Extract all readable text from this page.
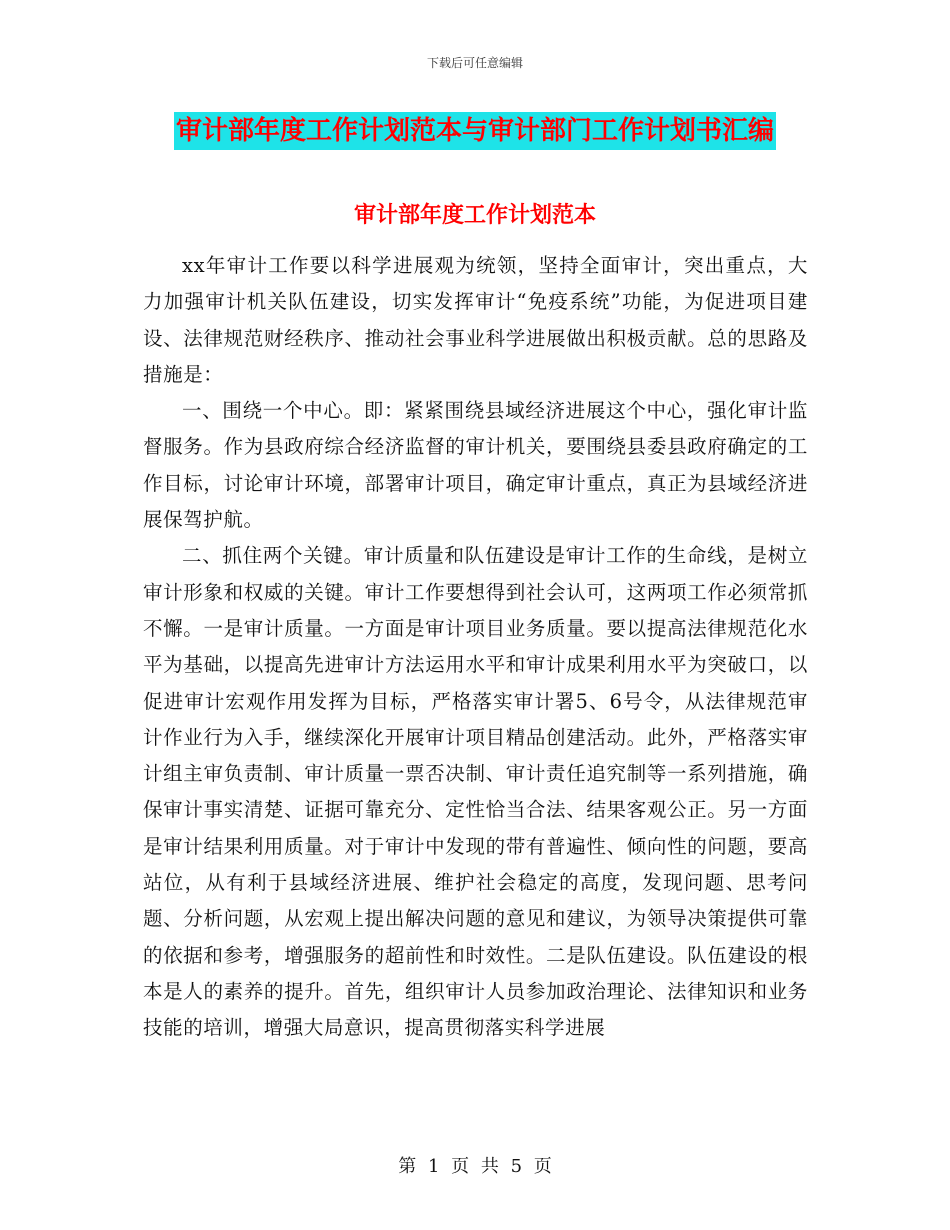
下载后可任意编辑
审计部年度工作计划范本与审计部门工作计划书汇编
审计部年度工作计划范本

xx年审计工作要以科学进展观为统领，坚持全面审计，突出重点，大力加强审计机关队伍建设，切实发挥审计“免疫系统”功能，为促进项目建设、法律规范财经秩序、推动社会事业科学进展做出积极贡献。总的思路及措施是：

一、围绕一个中心。即：紧紧围绕县域经济进展这个中心，强化审计监督服务。作为县政府综合经济监督的审计机关，要围绕县委县政府确定的工作目标，讨论审计环境，部署审计项目，确定审计重点，真正为县域经济进展保驾护航。

二、抓住两个关键。审计质量和队伍建设是审计工作的生命线，是树立审计形象和权威的关键。审计工作要想得到社会认可，这两项工作必须常抓不懈。一是审计质量。一方面是审计项目业务质量。要以提高法律规范化水平为基础，以提高先进审计方法运用水平和审计成果利用水平为突破口，以促进审计宏观作用发挥为目标，严格落实审计署5、6号令，从法律规范审计作业行为入手，继续深化开展审计项目精品创建活动。此外，严格落实审计组主审负责制、审计质量一票否决制、审计责任追究制等一系列措施，确保审计事实清楚、证据可靠充分、定性恰当合法、结果客观公正。另一方面是审计结果利用质量。对于审计中发现的带有普遍性、倾向性的问题，要高站位，从有利于县域经济进展、维护社会稳定的高度，发现问题、思考问题、分析问题，从宏观上提出解决问题的意见和建议，为领导决策提供可靠的依据和参考，增强服务的超前性和时效性。二是队伍建设。队伍建设的根本是人的素养的提升。首先，组织审计人员参加政治理论、法律知识和业务技能的培训，增强大局意识，提高贯彻落实科学进展

第 1 页 共 5 页
